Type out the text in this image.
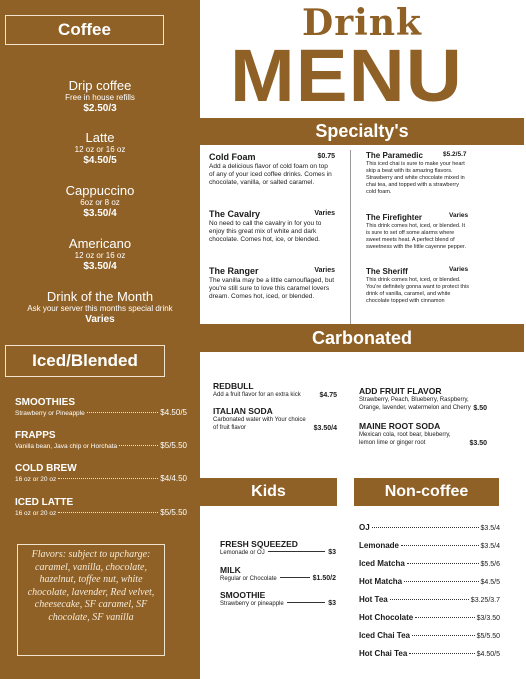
Coffee
Drip coffee
Free in house refills
$2.50/3
Latte
12 oz or 16 oz
$4.50/5
Cappuccino
6oz or 8 oz
$3.50/4
Americano
12 oz or 16 oz
$3.50/4
Drink of the Month
Ask your server this months special drink
Varies
Iced/Blended
SMOOTHIES
Strawberry or Pineapple	$4.50/5
FRAPPS
Vanilla bean, Java chip or Horchata	$5/5.50
COLD BREW
16 oz or 20 oz	$4/4.50
ICED LATTE
16 oz or 20 oz	$5/5.50
Flavors: subject to upcharge: caramel, vanilla, chocolate, hazelnut, toffee nut, white chocolate, lavender, Red velvet, cheesecake, SF caramel, SF chocolate, SF vanilla
Drink
MENU
Specialty's
Cold Foam	$0.75
Add a delicious flavor of cold foam on top of any of your iced coffee drinks. Comes in chocolate, vanilla, or salted caramel.
The Cavalry	Varies
No need to call the cavalry in for you to enjoy this great mix of white and dark chocolate. Comes hot, ice, or blended.
The Ranger	Varies
The vanilla may be a little camouflaged, but you're still sure to love this caramel lovers dream. Comes hot, iced, or blended.
The Paramedic
This iced chai is sure to make your heart skip a beat with its amazing flavors. Strawberry and white chocolate mixed in chai tea, and topped with a strawberry cold foam.
$5.2/5.7
The Firefighter
This drink comes hot, iced, or blended. It is sure to set off some alarms where sweet meets heat. A perfect blend of sweetness with the little cayenne pepper.
Varies
The Sheriff
This drink comes hot, iced, or blended. You're definitely gonna want to protect this drink of vanilla, caramel, and white chocolate topped with cinnamon
Varies
Carbonated
REDBULL
Add a fruit flavor for an extra kick	$4.75
ITALIAN SODA
Carbonated water with Your choice of fruit flavor	$3.50/4
ADD FRUIT FLAVOR
Strawberry, Peach, Blueberry, Raspberry, Orange, lavender, watermelon and Cherry $.50
MAINE ROOT SODA
Mexican cola, root bear, blueberry, lemon lime or ginger root	$3.50
Kids
FRESH SQUEEZED
Lemonade or OJ	$3
MILK
Regular or Chocolate	$1.50/2
SMOOTHIE
Strawberry or pineapple	$3
Non-coffee
OJ	$3.5/4
Lemonade	$3.5/4
Iced Matcha	$5.5/6
Hot Matcha	$4.5/5
Hot Tea	$3.25/3.7
Hot Chocolate	$3/3.50
Iced Chai Tea	$5/5.50
Hot Chai Tea	$4.50/5
